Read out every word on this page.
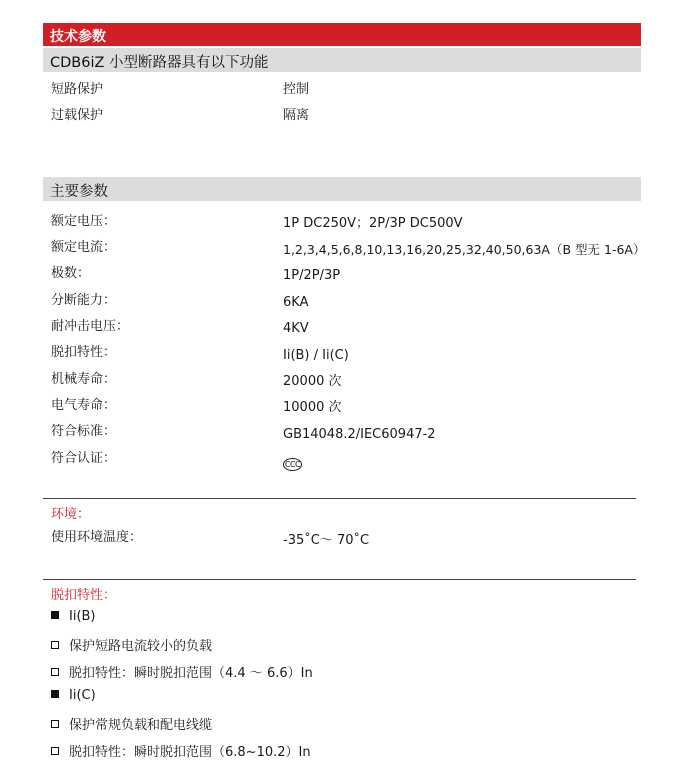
技术参数
CDB6iZ 小型断路器具有以下功能
短路保护	控制
过载保护	隔离
主要参数
额定电压：	1P DC250V；2P/3P DC500V
额定电流：	1,2,3,4,5,6,8,10,13,16,20,25,32,40,50,63A（B 型无 1-6A）
极数：	1P/2P/3P
分断能力：	6KA
耐冲击电压：	4KV
脱扣特性：	Ii(B) / Ii(C)
机械寿命：	20000 次
电气寿命：	10000 次
符合标准：	GB14048.2/IEC60947-2
符合认证：	CCC
环境：
使用环境温度：	-35˚C～ 70˚C
脱扣特性：
Ii(B)
保护短路电流较小的负载
脱扣特性：瞬时脱扣范围（4.4 ～ 6.6）In
Ii(C)
保护常规负载和配电线缆
脱扣特性：瞬时脱扣范围（6.8~10.2）In
